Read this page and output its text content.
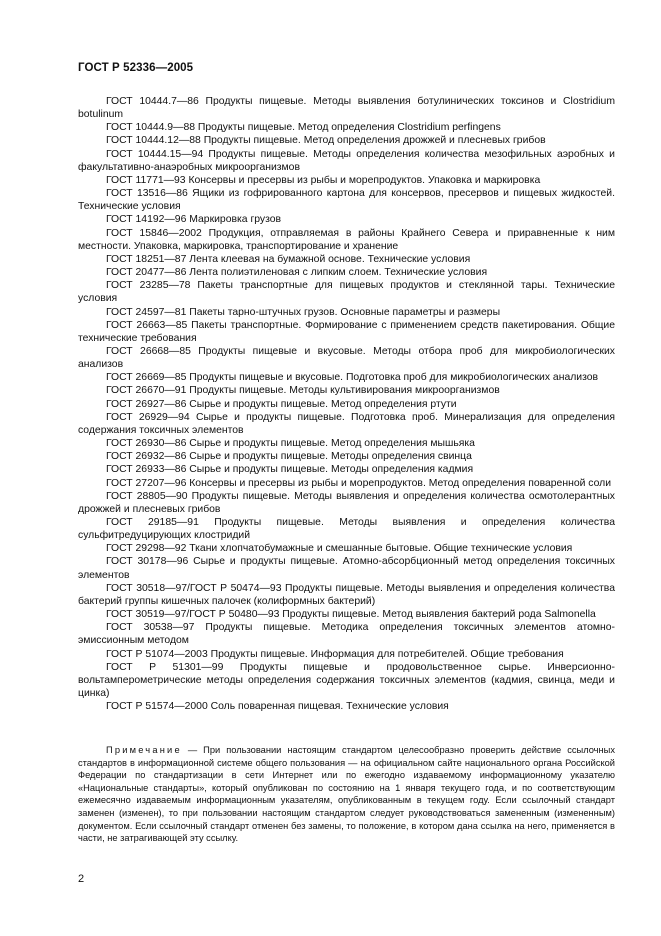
ГОСТ Р 52336—2005

ГОСТ 10444.7—86 Продукты пищевые. Методы выявления ботулинических токсинов и Clostridium botulinum

ГОСТ 10444.9—88 Продукты пищевые. Метод определения Clostridium perfingens

ГОСТ 10444.12—88 Продукты пищевые. Метод определения дрожжей и плесневых грибов

ГОСТ 10444.15—94 Продукты пищевые. Методы определения количества мезофильных аэробных и факультативно-анаэробных микроорганизмов

ГОСТ 11771—93 Консервы и пресервы из рыбы и морепродуктов. Упаковка и маркировка

ГОСТ 13516—86 Ящики из гофрированного картона для консервов, пресервов и пищевых жидкостей. Технические условия

ГОСТ 14192—96 Маркировка грузов

ГОСТ 15846—2002 Продукция, отправляемая в районы Крайнего Севера и приравненные к ним местности. Упаковка, маркировка, транспортирование и хранение

ГОСТ 18251—87 Лента клеевая на бумажной основе. Технические условия

ГОСТ 20477—86 Лента полиэтиленовая с липким слоем. Технические условия

ГОСТ 23285—78 Пакеты транспортные для пищевых продуктов и стеклянной тары. Технические условия

ГОСТ 24597—81 Пакеты тарно-штучных грузов. Основные параметры и размеры

ГОСТ 26663—85 Пакеты транспортные. Формирование с применением средств пакетирования. Общие технические требования

ГОСТ 26668—85 Продукты пищевые и вкусовые. Методы отбора проб для микробиологических анализов

ГОСТ 26669—85 Продукты пищевые и вкусовые. Подготовка проб для микробиологических анализов

ГОСТ 26670—91 Продукты пищевые. Методы культивирования микроорганизмов

ГОСТ 26927—86 Сырье и продукты пищевые. Метод определения ртути

ГОСТ 26929—94 Сырье и продукты пищевые. Подготовка проб. Минерализация для определения содержания токсичных элементов

ГОСТ 26930—86 Сырье и продукты пищевые. Метод определения мышьяка

ГОСТ 26932—86 Сырье и продукты пищевые. Методы определения свинца

ГОСТ 26933—86 Сырье и продукты пищевые. Методы определения кадмия

ГОСТ 27207—96 Консервы и пресервы из рыбы и морепродуктов. Метод определения поваренной соли

ГОСТ 28805—90 Продукты пищевые. Методы выявления и определения количества осмотолерантных дрожжей и плесневых грибов

ГОСТ 29185—91 Продукты пищевые. Методы выявления и определения количества сульфитредуцирующих клостридий

ГОСТ 29298—92 Ткани хлопчатобумажные и смешанные бытовые. Общие технические условия

ГОСТ 30178—96 Сырье и продукты пищевые. Атомно-абсорбционный метод определения токсичных элементов

ГОСТ 30518—97/ГОСТ Р 50474—93 Продукты пищевые. Методы выявления и определения количества бактерий группы кишечных палочек (колиформных бактерий)

ГОСТ 30519—97/ГОСТ Р 50480—93 Продукты пищевые. Метод выявления бактерий рода Salmonella

ГОСТ 30538—97 Продукты пищевые. Методика определения токсичных элементов атомно-эмиссионным методом

ГОСТ Р 51074—2003 Продукты пищевые. Информация для потребителей. Общие требования

ГОСТ Р 51301—99 Продукты пищевые и продовольственное сырье. Инверсионно-вольтамперометрические методы определения содержания токсичных элементов (кадмия, свинца, меди и цинка)

ГОСТ Р 51574—2000 Соль поваренная пищевая. Технические условия

Примечание — При пользовании настоящим стандартом целесообразно проверить действие ссылочных стандартов в информационной системе общего пользования — на официальном сайте национального органа Российской Федерации по стандартизации в сети Интернет или по ежегодно издаваемому информационному указателю «Национальные стандарты», который опубликован по состоянию на 1 января текущего года, и по соответствующим ежемесячно издаваемым информационным указателям, опубликованным в текущем году. Если ссылочный стандарт заменен (изменен), то при пользовании настоящим стандартом следует руководствоваться замененным (измененным) документом. Если ссылочный стандарт отменен без замены, то положение, в котором дана ссылка на него, применяется в части, не затрагивающей эту ссылку.

2
